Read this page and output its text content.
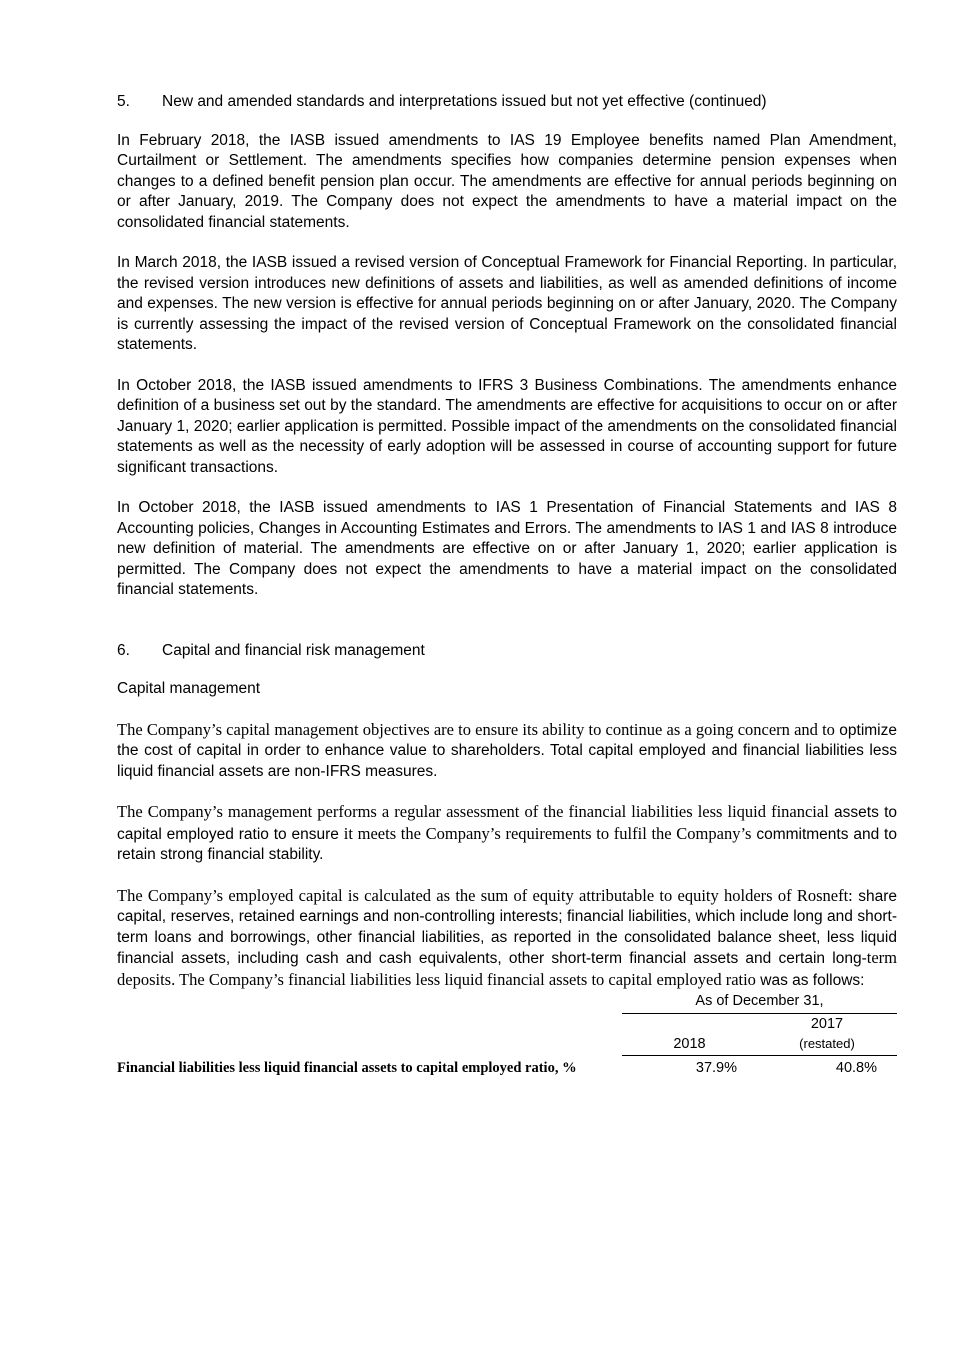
5.	New and amended standards and interpretations issued but not yet effective (continued)

In February 2018, the IASB issued amendments to IAS 19 Employee benefits named Plan Amendment, Curtailment or Settlement. The amendments specifies how companies determine pension expenses when changes to a defined benefit pension plan occur. The amendments are effective for annual periods beginning on or after January, 2019. The Company does not expect the amendments to have a material impact on the consolidated financial statements.

In March 2018, the IASB issued a revised version of Conceptual Framework for Financial Reporting. In particular, the revised version introduces new definitions of assets and liabilities, as well as amended definitions of income and expenses. The new version is effective for annual periods beginning on or after January, 2020. The Company is currently assessing the impact of the revised version of Conceptual Framework on the consolidated financial statements.

In October 2018, the IASB issued amendments to IFRS 3 Business Combinations. The amendments enhance definition of a business set out by the standard. The amendments are effective for acquisitions to occur on or after January 1, 2020; earlier application is permitted. Possible impact of the amendments on the consolidated financial statements as well as the necessity of early adoption will be assessed in course of accounting support for future significant transactions.

In October 2018, the IASB issued amendments to IAS 1 Presentation of Financial Statements and IAS 8 Accounting policies, Changes in Accounting Estimates and Errors. The amendments to IAS 1 and IAS 8 introduce new definition of material. The amendments are effective on or after January 1, 2020; earlier application is permitted. The Company does not expect the amendments to have a material impact on the consolidated financial statements.

6.	Capital and financial risk management
Capital management

The Company’s capital management objectives are to ensure its ability to continue as a going concern and to optimize the cost of capital in order to enhance value to shareholders. Total capital employed and financial liabilities less liquid financial assets are non-IFRS measures.

The Company’s management performs a regular assessment of the financial liabilities less liquid financial assets to capital employed ratio to ensure it meets the Company’s requirements to fulfil the Company’s commitments and to retain strong financial stability.

The Company’s employed capital is calculated as the sum of equity attributable to equity holders of Rosneft: share capital, reserves, retained earnings and non-controlling interests; financial liabilities, which include long and short-term loans and borrowings, other financial liabilities, as reported in the consolidated balance sheet, less liquid financial assets, including cash and cash equivalents, other short-term financial assets and certain long-term deposits. The Company’s financial liabilities less liquid financial assets to capital employed ratio was as follows:

	As of December 31,	
	2018	2017
(restated)

Financial liabilities less liquid financial assets to capital employed ratio, %	37.9%	40.8%
